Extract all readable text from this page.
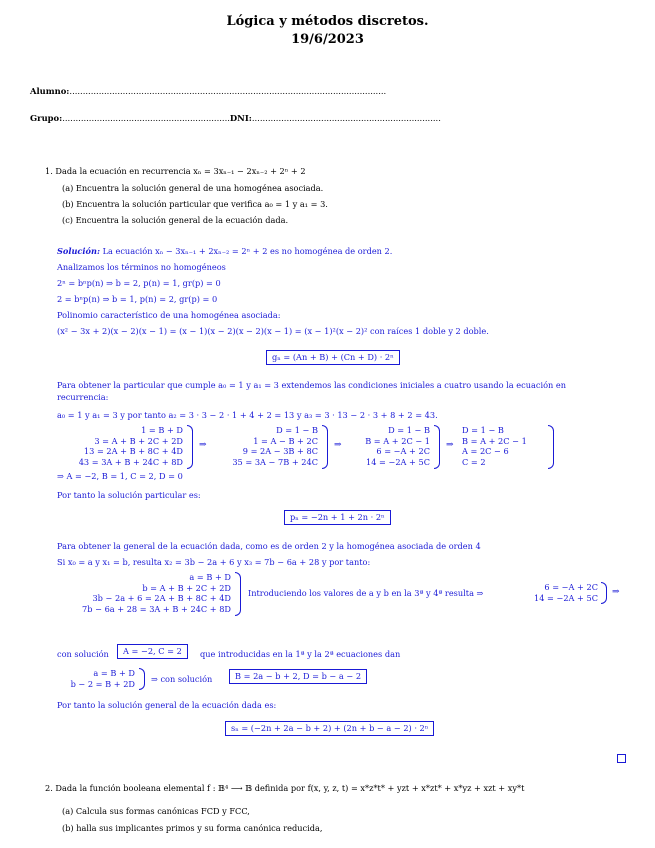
Lógica y métodos discretos.
19/6/2023
Alumno:.......................................................................................................................
Grupo:...............................................................DNI:.......................................................................
1. Dada la ecuación en recurrencia xₙ = 3xₙ₋₁ − 2xₙ₋₂ + 2ⁿ + 2
(a) Encuentra la solución general de una homogénea asociada.
(b) Encuentra la solución particular que verifica a₀ = 1 y a₁ = 3.
(c) Encuentra la solución general de la ecuación dada.
Solución: La ecuación xₙ − 3xₙ₋₁ + 2xₙ₋₂ = 2ⁿ + 2 es no homogénea de orden 2.
Analizamos los términos no homogéneos
2ⁿ = bⁿp(n) ⇒ b = 2, p(n) = 1, gr(p) = 0
2 = bⁿp(n) ⇒ b = 1, p(n) = 2, gr(p) = 0
Polinomio característico de una homogénea asociada:
(x² − 3x + 2)(x − 2)(x − 1) = (x − 1)(x − 2)(x − 2)(x − 1) = (x − 1)²(x − 2)² con raíces 1 doble y 2 doble.
gₙ = (An + B) + (Cn + D) · 2ⁿ
Para obtener la particular que cumple a₀ = 1 y a₁ = 3 extendemos las condiciones iniciales a cuatro usando la ecuación en
recurrencia:
a₀ = 1 y a₁ = 3 y por tanto a₂ = 3 · 3 − 2 · 1 + 4 + 2 = 13 y a₃ = 3 · 13 − 2 · 3 + 8 + 2 = 43.
1 = B + D
3 = A + B + 2C + 2D
13 = 2A + B + 8C + 4D
43 = 3A + B + 24C + 8D
⇒
D = 1 − B
1 = A − B + 2C
9 = 2A − 3B + 8C
35 = 3A − 7B + 24C
⇒
D = 1 − B
B = A + 2C − 1
6 = −A + 2C
14 = −2A + 5C
⇒
D = 1 − B
B = A + 2C − 1
A = 2C − 6
C = 2
⇒ A = −2, B = 1, C = 2, D = 0
Por tanto la solución particular es:
pₙ = −2n + 1 + 2n · 2ⁿ
Para obtener la general de la ecuación dada, como es de orden 2 y la homogénea asociada de orden 4
Si x₀ = a y x₁ = b, resulta x₂ = 3b − 2a + 6 y x₃ = 7b − 6a + 28 y por tanto:
a = B + D
b = A + B + 2C + 2D
3b − 2a + 6 = 2A + B + 8C + 4D
7b − 6a + 28 = 3A + B + 24C + 8D
Introduciendo los valores de a y b en la 3ª y 4ª resulta ⇒
6 = −A + 2C
14 = −2A + 5C
⇒
con solución	A = −2, C = 2	que introducidas en la 1ª y la 2ª ecuaciones dan
a = B + D
b − 2 = B + 2D ⇒ con solución	B = 2a − b + 2, D = b − a − 2
Por tanto la solución general de la ecuación dada es:
sₙ = (−2n + 2a − b + 2) + (2n + b − a − 2) · 2ⁿ
2. Dada la función booleana elemental f : 𝔹⁴ ⟶ 𝔹 definida por f(x, y, z, t) = x*z*t* + yzt + x*zt* + x*yz + xzt + xy*t
(a) Calcula sus formas canónicas FCD y FCC,
(b) halla sus implicantes primos y su forma canónica reducida,
